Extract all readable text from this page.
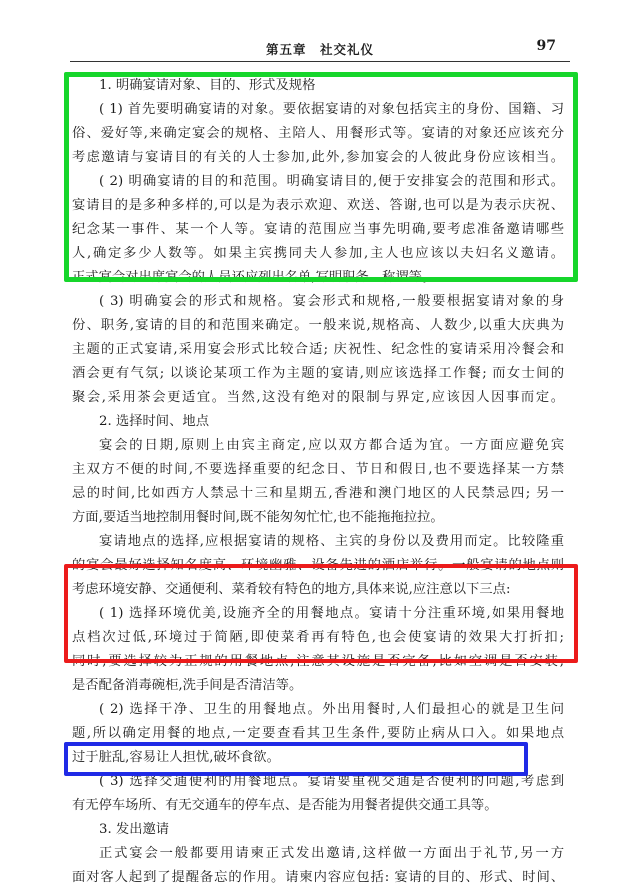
第五章　社交礼仪	97
1. 明确宴请对象、目的、形式及规格
( 1) 首先要明确宴请的对象。要依据宴请的对象包括宾主的身份、国籍、习
俗、爱好等,来确定宴会的规格、主陪人、用餐形式等。宴请的对象还应该充分
考虑邀请与宴请目的有关的人士参加,此外,参加宴会的人彼此身份应该相当。
( 2) 明确宴请的目的和范围。明确宴请目的,便于安排宴会的范围和形式。
宴请目的是多种多样的,可以是为表示欢迎、欢送、答谢,也可以是为表示庆祝、
纪念某一事件、某一个人等。宴请的范围应当事先明确,要考虑准备邀请哪些
人,确定多少人数等。如果主宾携同夫人参加,主人也应该以夫妇名义邀请。
正式宴会对出席宴会的人员还应列出名单,写明职务、称谓等。
( 3) 明确宴会的形式和规格。宴会形式和规格,一般要根据宴请对象的身
份、职务,宴请的目的和范围来确定。一般来说,规格高、人数少,以重大庆典为
主题的正式宴请,采用宴会形式比较合适; 庆祝性、纪念性的宴请采用冷餐会和
酒会更有气氛; 以谈论某项工作为主题的宴请,则应该选择工作餐; 而女士间的
聚会,采用茶会更适宜。当然,这没有绝对的限制与界定,应该因人因事而定。
2. 选择时间、地点
宴会的日期,原则上由宾主商定,应以双方都合适为宜。一方面应避免宾
主双方不便的时间,不要选择重要的纪念日、节日和假日,也不要选择某一方禁
忌的时间,比如西方人禁忌十三和星期五,香港和澳门地区的人民禁忌四; 另一
方面,要适当地控制用餐时间,既不能匆匆忙忙,也不能拖拖拉拉。
宴请地点的选择,应根据宴请的规格、主宾的身份以及费用而定。比较隆重
的宴会最好选择知名度高、环境幽雅、设备先进的酒店举行。一般宴请的地点则
考虑环境安静、交通便利、菜肴较有特色的地方,具体来说,应注意以下三点:
( 1) 选择环境优美,设施齐全的用餐地点。宴请十分注重环境,如果用餐地
点档次过低,环境过于简陋,即使菜肴再有特色,也会使宴请的效果大打折扣;
同时,要选择较为正规的用餐地点,注意其设施是否完备,比如空调是否安装,
是否配备消毒碗柜,洗手间是否清洁等。
( 2) 选择干净、卫生的用餐地点。外出用餐时,人们最担心的就是卫生问
题,所以确定用餐的地点,一定要查看其卫生条件,要防止病从口入。如果地点
过于脏乱,容易让人担忧,破坏食欲。
( 3) 选择交通便利的用餐地点。宴请要重视交通是否便利的问题,考虑到
有无停车场所、有无交通车的停车点、是否能为用餐者提供交通工具等。
3. 发出邀请
正式宴会一般都要用请柬正式发出邀请,这样做一方面出于礼节,另一方
面对客人起到了提醒备忘的作用。请柬内容应包括: 宴请的目的、形式、时间、
